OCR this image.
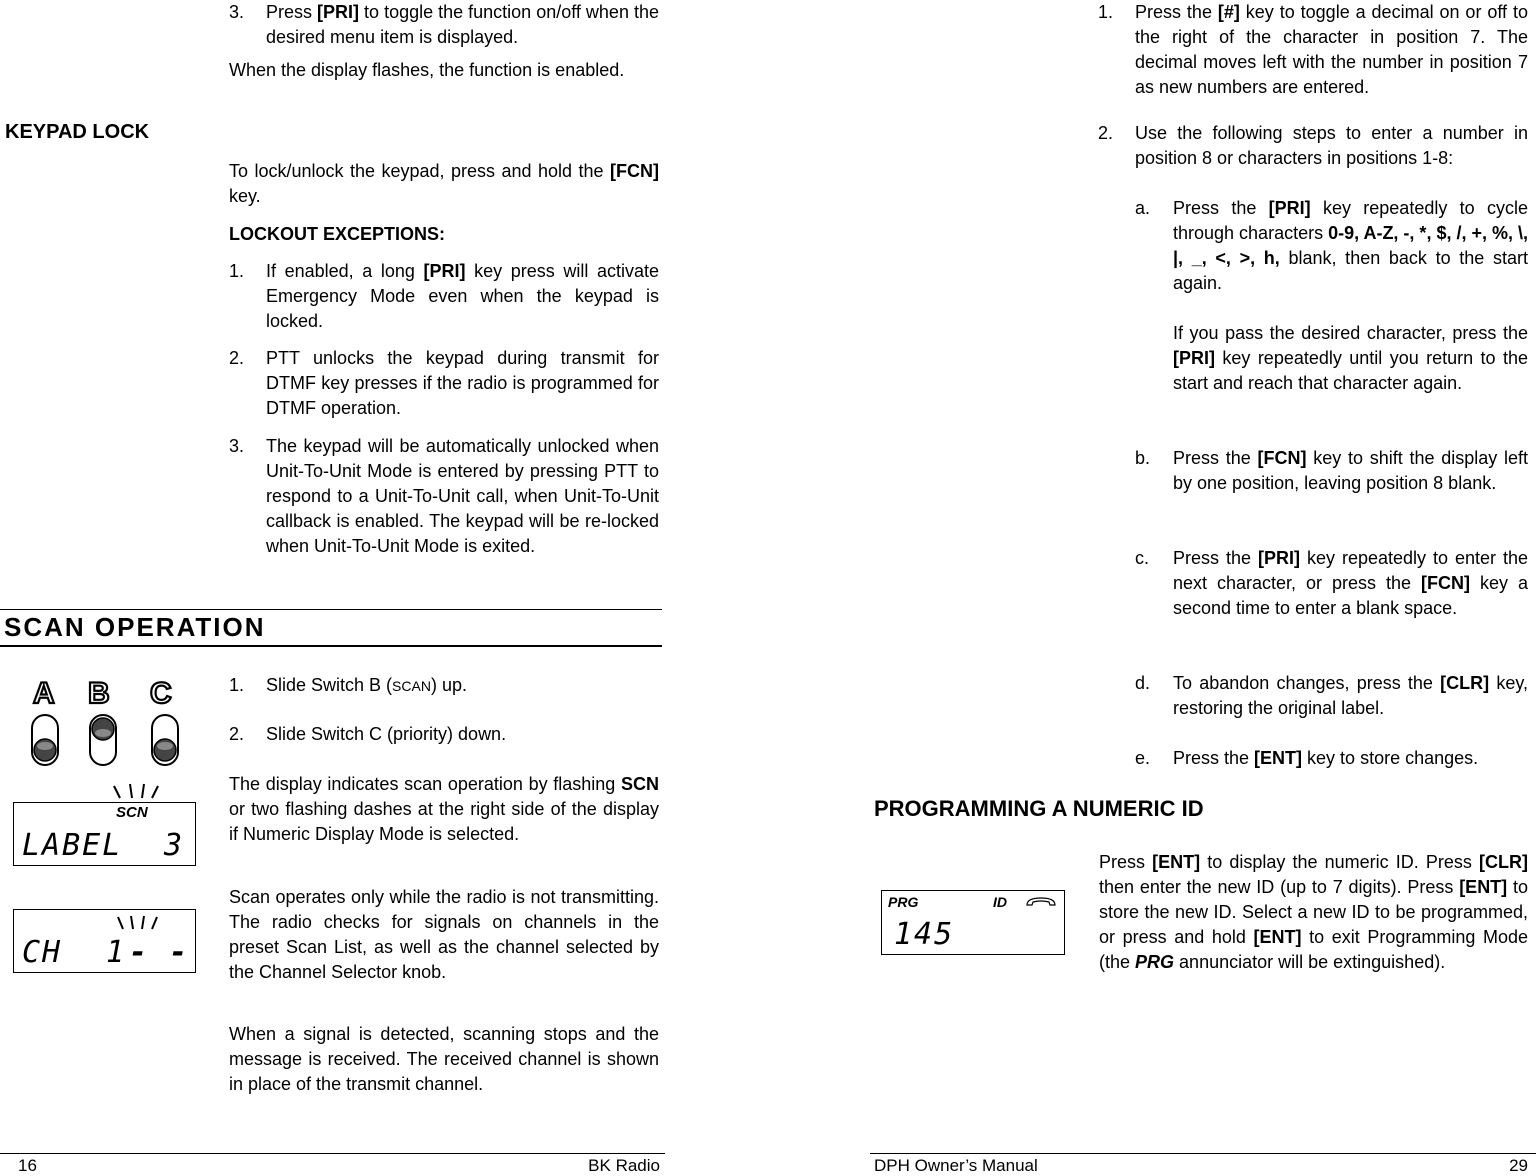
3. Press [PRI] to toggle the function on/off when the desired menu item is displayed.

When the display flashes, the function is enabled.

KEYPAD LOCK

To lock/unlock the keypad, press and hold the [FCN] key.

LOCKOUT EXCEPTIONS:
1. If enabled, a long [PRI] key press will activate Emergency Mode even when the keypad is locked.

2. PTT unlocks the keypad during transmit for DTMF key presses if the radio is programmed for DTMF operation.

3. The keypad will be automatically unlocked when Unit-To-Unit Mode is entered by pressing PTT to respond to a Unit-To-Unit call, when Unit-To-Unit callback is enabled. The keypad will be re-locked when Unit-To-Unit Mode is exited.

SCAN OPERATION
A B C	1. Slide Switch B (SCAN) up.

2. Slide Switch C (priority) down.

The display indicates scan operation by flashing SCN or two flashing dashes at the right side of the display if Numeric Display Mode is selected.

Scan operates only while the radio is not transmitting. The radio checks for signals on channels in the preset Scan List, as well as the channel selected by the Channel Selector knob.

When a signal is detected, scanning stops and the message is received. The received channel is shown in place of the transmit channel.

SCN
LABEL 3
CH 1 - -
16	BK Radio
1. Press the [#] key to toggle a decimal on or off to the right of the character in position 7. The decimal moves left with the number in position 7 as new numbers are entered.

2. Use the following steps to enter a number in position 8 or characters in positions 1-8:

a. Press the [PRI] key repeatedly to cycle through characters 0-9, A-Z, -, *, $, /, +, %, \, |, _, <, >, h, blank, then back to the start again.

If you pass the desired character, press the [PRI] key repeatedly until you return to the start and reach that character again.

b. Press the [FCN] key to shift the display left by one position, leaving position 8 blank.

c. Press the [PRI] key repeatedly to enter the next character, or press the [FCN] key a second time to enter a blank space.

d. To abandon changes, press the [CLR] key, restoring the original label.

e. Press the [ENT] key to store changes.

PROGRAMMING A NUMERIC ID
PRG	ID
145

Press [ENT] to display the numeric ID. Press [CLR] then enter the new ID (up to 7 digits). Press [ENT] to store the new ID. Select a new ID to be programmed, or press and hold [ENT] to exit Programming Mode (the PRG annunciator will be extinguished).

DPH Owner’s Manual	29
